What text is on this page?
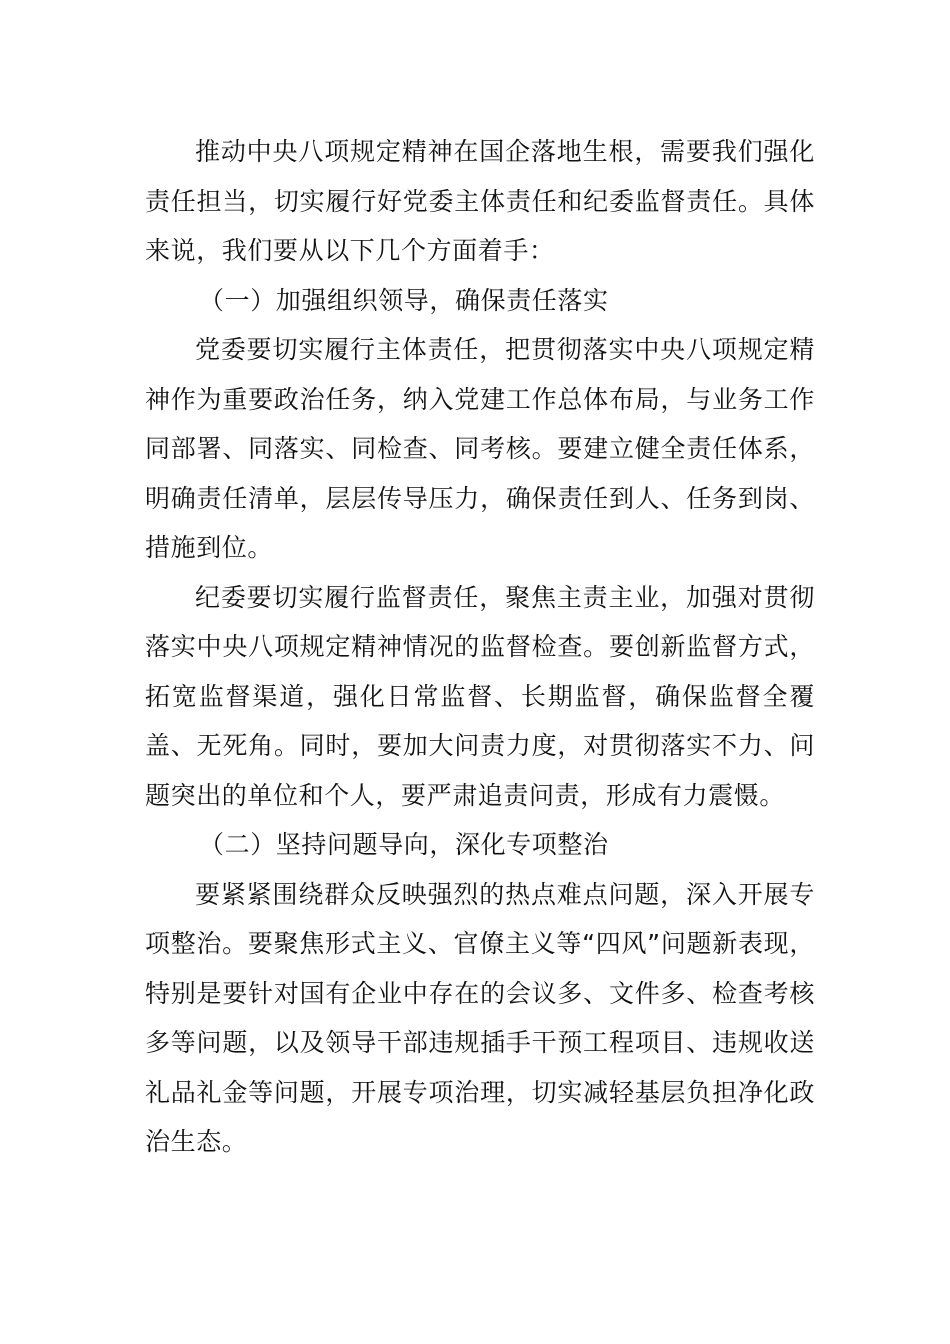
推动中央八项规定精神在国企落地生根，需要我们强化责任担当，切实履行好党委主体责任和纪委监督责任。具体来说，我们要从以下几个方面着手：

（一）加强组织领导，确保责任落实

党委要切实履行主体责任，把贯彻落实中央八项规定精神作为重要政治任务，纳入党建工作总体布局，与业务工作同部署、同落实、同检查、同考核。要建立健全责任体系，明确责任清单，层层传导压力，确保责任到人、任务到岗、措施到位。

纪委要切实履行监督责任，聚焦主责主业，加强对贯彻落实中央八项规定精神情况的监督检查。要创新监督方式，拓宽监督渠道，强化日常监督、长期监督，确保监督全覆盖、无死角。同时，要加大问责力度，对贯彻落实不力、问题突出的单位和个人，要严肃追责问责，形成有力震慑。

（二）坚持问题导向，深化专项整治

要紧紧围绕群众反映强烈的热点难点问题，深入开展专项整治。要聚焦形式主义、官僚主义等“四风”问题新表现，特别是要针对国有企业中存在的会议多、文件多、检查考核多等问题，以及领导干部违规插手干预工程项目、违规收送礼品礼金等问题，开展专项治理，切实减轻基层负担净化政治生态。
